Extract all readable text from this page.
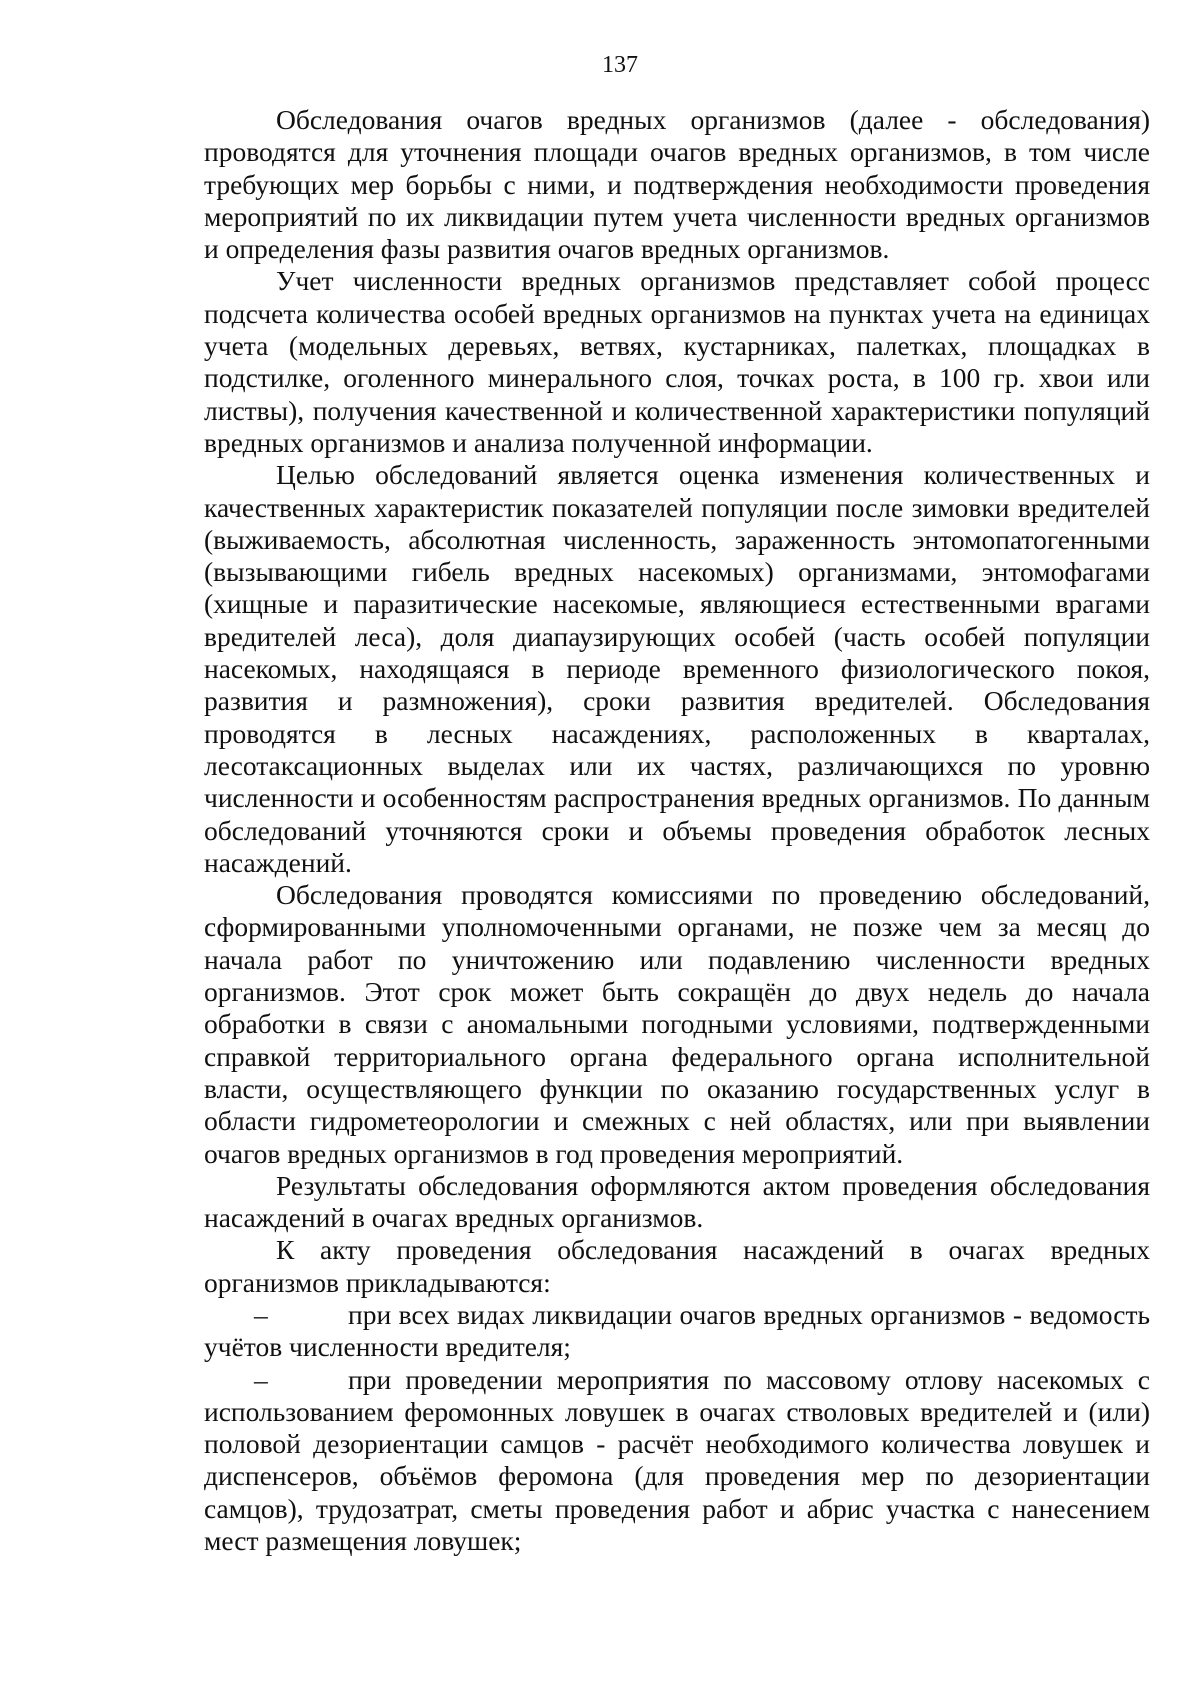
137

Обследования очагов вредных организмов (далее - обследования) проводятся для уточнения площади очагов вредных организмов, в том числе требующих мер борьбы с ними, и подтверждения необходимости проведения мероприятий по их ликвидации путем учета численности вредных организмов и определения фазы развития очагов вредных организмов.

Учет численности вредных организмов представляет собой процесс подсчета количества особей вредных организмов на пунктах учета на единицах учета (модельных деревьях, ветвях, кустарниках, палетках, площадках в подстилке, оголенного минерального слоя, точках роста, в 100 гр. хвои или листвы), получения качественной и количественной характеристики популяций вредных организмов и анализа полученной информации.

Целью обследований является оценка изменения количественных и качественных характеристик показателей популяции после зимовки вредителей (выживаемость, абсолютная численность, зараженность энтомопатогенными (вызывающими гибель вредных насекомых) организмами, энтомофагами (хищные и паразитические насекомые, являющиеся естественными врагами вредителей леса), доля диапаузирующих особей (часть особей популяции насекомых, находящаяся в периоде временного физиологического покоя, развития и размножения), сроки развития вредителей. Обследования проводятся в лесных насаждениях, расположенных в кварталах, лесотаксационных выделах или их частях, различающихся по уровню численности и особенностям распространения вредных организмов. По данным обследований уточняются сроки и объемы проведения обработок лесных насаждений.

Обследования проводятся комиссиями по проведению обследований, сформированными уполномоченными органами, не позже чем за месяц до начала работ по уничтожению или подавлению численности вредных организмов. Этот срок может быть сокращён до двух недель до начала обработки в связи с аномальными погодными условиями, подтвержденными справкой территориального органа федерального органа исполнительной власти, осуществляющего функции по оказанию государственных услуг в области гидрометеорологии и смежных с ней областях, или при выявлении очагов вредных организмов в год проведения мероприятий.

Результаты обследования оформляются актом проведения обследования насаждений в очагах вредных организмов.

К акту проведения обследования насаждений в очагах вредных организмов прикладываются:

–	при всех видах ликвидации очагов вредных организмов - ведомость учётов численности вредителя;

–	при проведении мероприятия по массовому отлову насекомых с использованием феромонных ловушек в очагах стволовых вредителей и (или) половой дезориентации самцов - расчёт необходимого количества ловушек и диспенсеров, объёмов феромона (для проведения мер по дезориентации самцов), трудозатрат, сметы проведения работ и абрис участка с нанесением мест размещения ловушек;
